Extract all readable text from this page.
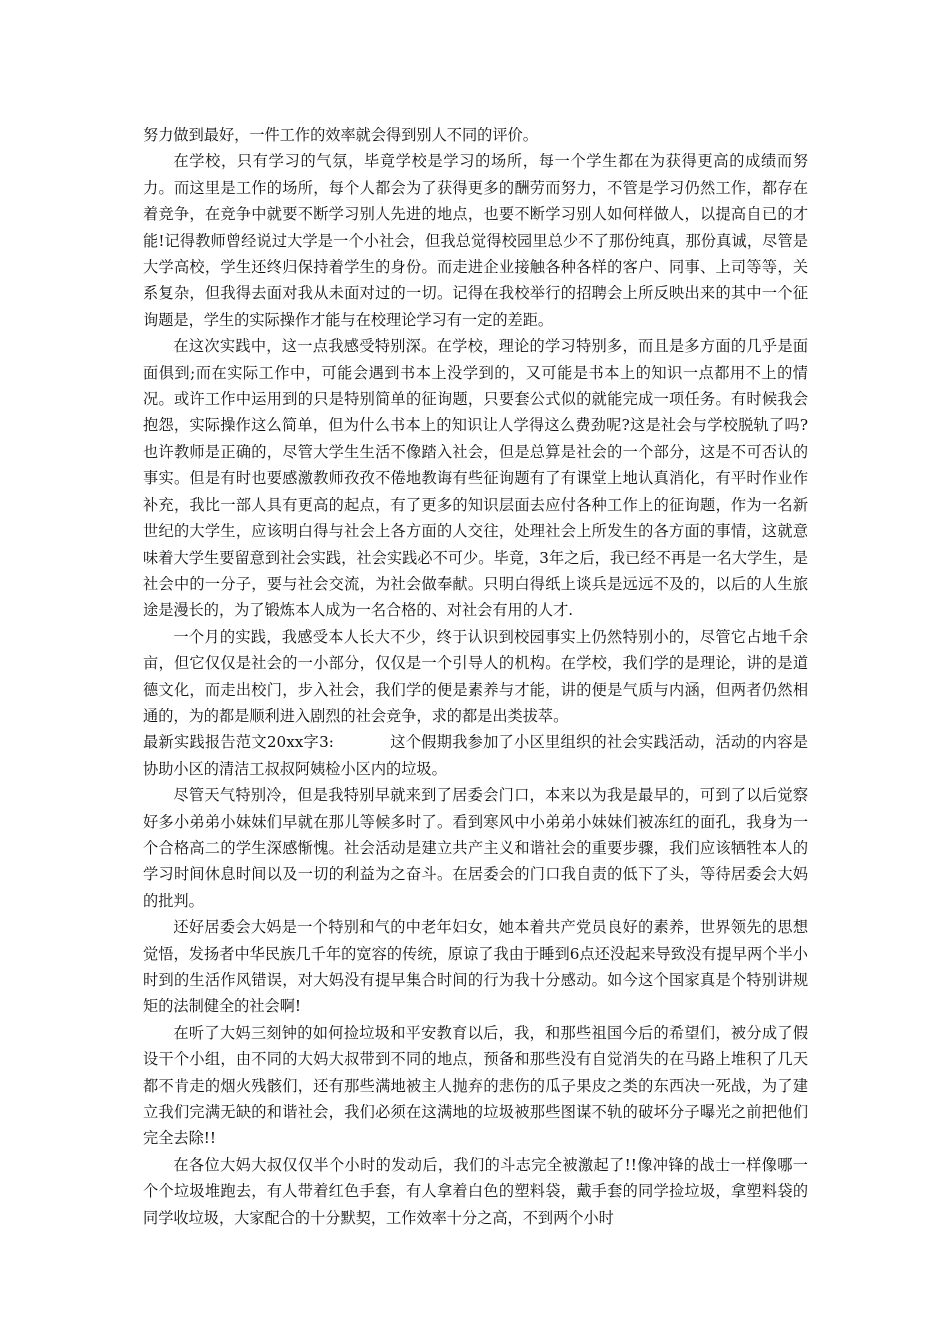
努力做到最好，一件工作的效率就会得到别人不同的评价。

在学校，只有学习的气氛，毕竟学校是学习的场所，每一个学生都在为获得更高的成绩而努力。而这里是工作的场所，每个人都会为了获得更多的酬劳而努力，不管是学习仍然工作，都存在着竞争，在竞争中就要不断学习别人先进的地点，也要不断学习别人如何样做人，以提高自已的才能!记得教师曾经说过大学是一个小社会，但我总觉得校园里总少不了那份纯真，那份真诚，尽管是大学高校，学生还终归保持着学生的身份。而走进企业接触各种各样的客户、同事、上司等等，关系复杂，但我得去面对我从未面对过的一切。记得在我校举行的招聘会上所反映出来的其中一个征询题是，学生的实际操作才能与在校理论学习有一定的差距。

在这次实践中，这一点我感受特别深。在学校，理论的学习特别多，而且是多方面的几乎是面面俱到;而在实际工作中，可能会遇到书本上没学到的，又可能是书本上的知识一点都用不上的情况。或许工作中运用到的只是特别简单的征询题，只要套公式似的就能完成一项任务。有时候我会抱怨，实际操作这么简单，但为什么书本上的知识让人学得这么费劲呢?这是社会与学校脱轨了吗?也许教师是正确的，尽管大学生生活不像踏入社会，但是总算是社会的一个部分，这是不可否认的事实。但是有时也要感激教师孜孜不倦地教诲有些征询题有了有课堂上地认真消化，有平时作业作补充，我比一部人具有更高的起点，有了更多的知识层面去应付各种工作上的征询题，作为一名新世纪的大学生，应该明白得与社会上各方面的人交往，处理社会上所发生的各方面的事情，这就意味着大学生要留意到社会实践，社会实践必不可少。毕竟，3年之后，我已经不再是一名大学生，是社会中的一分子，要与社会交流，为社会做奉献。只明白得纸上谈兵是远远不及的，以后的人生旅途是漫长的，为了锻炼本人成为一名合格的、对社会有用的人才.

一个月的实践，我感受本人长大不少，终于认识到校园事实上仍然特别小的，尽管它占地千余亩，但它仅仅是社会的一小部分，仅仅是一个引导人的机构。在学校，我们学的是理论，讲的是道德文化，而走出校门，步入社会，我们学的便是素养与才能，讲的便是气质与内涵，但两者仍然相通的，为的都是顺利进入剧烈的社会竞争，求的都是出类拔萃。

最新实践报告范文20xx字3:	这个假期我参加了小区里组织的社会实践活动，活动的内容是协助小区的清洁工叔叔阿姨检小区内的垃圾。

尽管天气特别冷，但是我特别早就来到了居委会门口，本来以为我是最早的，可到了以后觉察好多小弟弟小妹妹们早就在那儿等候多时了。看到寒风中小弟弟小妹妹们被冻红的面孔，我身为一个合格高二的学生深感惭愧。社会活动是建立共产主义和谐社会的重要步骤，我们应该牺牲本人的学习时间休息时间以及一切的利益为之奋斗。在居委会的门口我自责的低下了头，等待居委会大妈的批判。

还好居委会大妈是一个特别和气的中老年妇女，她本着共产党员良好的素养，世界领先的思想觉悟，发扬者中华民族几千年的宽容的传统，原谅了我由于睡到6点还没起来导致没有提早两个半小时到的生活作风错误，对大妈没有提早集合时间的行为我十分感动。如今这个国家真是个特别讲规矩的法制健全的社会啊!

在听了大妈三刻钟的如何捡垃圾和平安教育以后，我，和那些祖国今后的希望们，被分成了假设干个小组，由不同的大妈大叔带到不同的地点，预备和那些没有自觉消失的在马路上堆积了几天都不肯走的烟火残骸们，还有那些满地被主人抛弃的悲伤的瓜子果皮之类的东西决一死战，为了建立我们完满无缺的和谐社会，我们必须在这满地的垃圾被那些图谋不轨的破坏分子曝光之前把他们完全去除!!

在各位大妈大叔仅仅半个小时的发动后，我们的斗志完全被激起了!!像冲锋的战士一样像哪一个个垃圾堆跑去，有人带着红色手套，有人拿着白色的塑料袋，戴手套的同学捡垃圾，拿塑料袋的同学收垃圾，大家配合的十分默契，工作效率十分之高，不到两个小时
